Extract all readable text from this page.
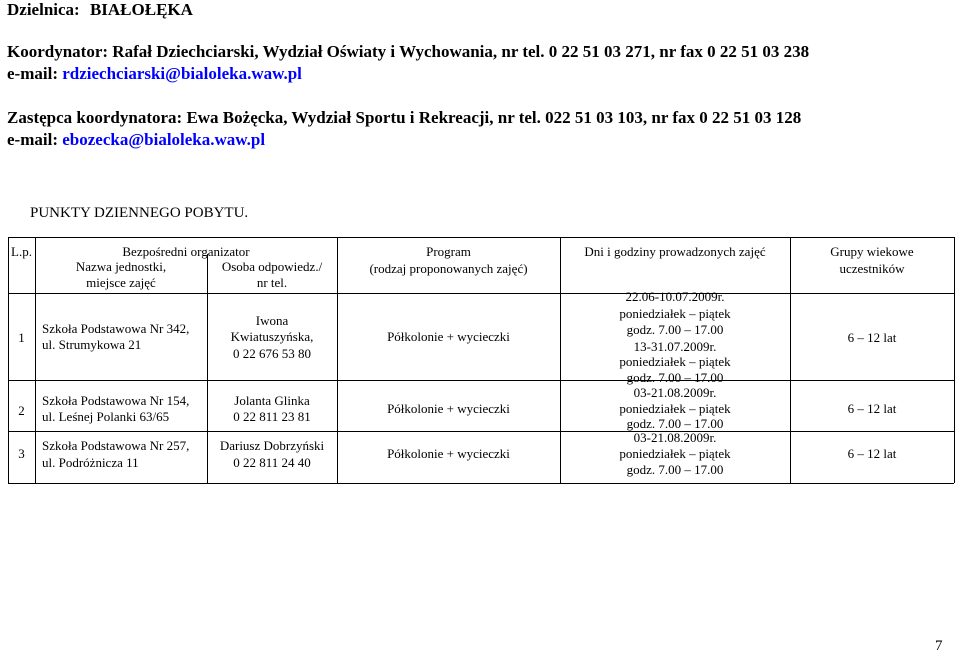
Dzielnica: BIAŁOŁĘKA
Koordynator: Rafał Dziechciarski, Wydział Oświaty i Wychowania, nr tel. 0 22 51 03 271, nr fax 0 22 51 03 238
e-mail: rdziechciarski@bialoleka.waw.pl
Zastępca koordynatora: Ewa Bożęcka, Wydział Sportu i Rekreacji, nr tel. 022 51 03 103, nr fax 0 22 51 03 128
e-mail: ebozecka@bialoleka.waw.pl
PUNKTY DZIENNEGO POBYTU.
L.p.	Bezpośredni organizator
Nazwa jednostki,
miejsce zajęć
Osoba odpowiedz./
nr tel.
Program
(rodzaj proponowanych zajęć)
Dni i godziny prowadzonych zajęć	Grupy wiekowe
uczestników
1
Szkoła Podstawowa Nr 342,
ul. Strumykowa 21
Iwona
Kwiatuszyńska,
0 22 676 53 80
Półkolonie + wycieczki
22.06-10.07.2009r.
poniedziałek – piątek
godz. 7.00 – 17.00
13-31.07.2009r.
poniedziałek – piątek
godz. 7.00 – 17.00
6 – 12 lat
2
Szkoła Podstawowa Nr 154,
ul. Leśnej Polanki 63/65
Jolanta Glinka
0 22 811 23 81
Półkolonie + wycieczki
03-21.08.2009r.
poniedziałek – piątek
godz. 7.00 – 17.00
6 – 12 lat
3
Szkoła Podstawowa Nr 257,
ul. Podróżnicza 11
Dariusz Dobrzyński
0 22 811 24 40
Półkolonie + wycieczki
03-21.08.2009r.
poniedziałek – piątek
godz. 7.00 – 17.00
6 – 12 lat
7
